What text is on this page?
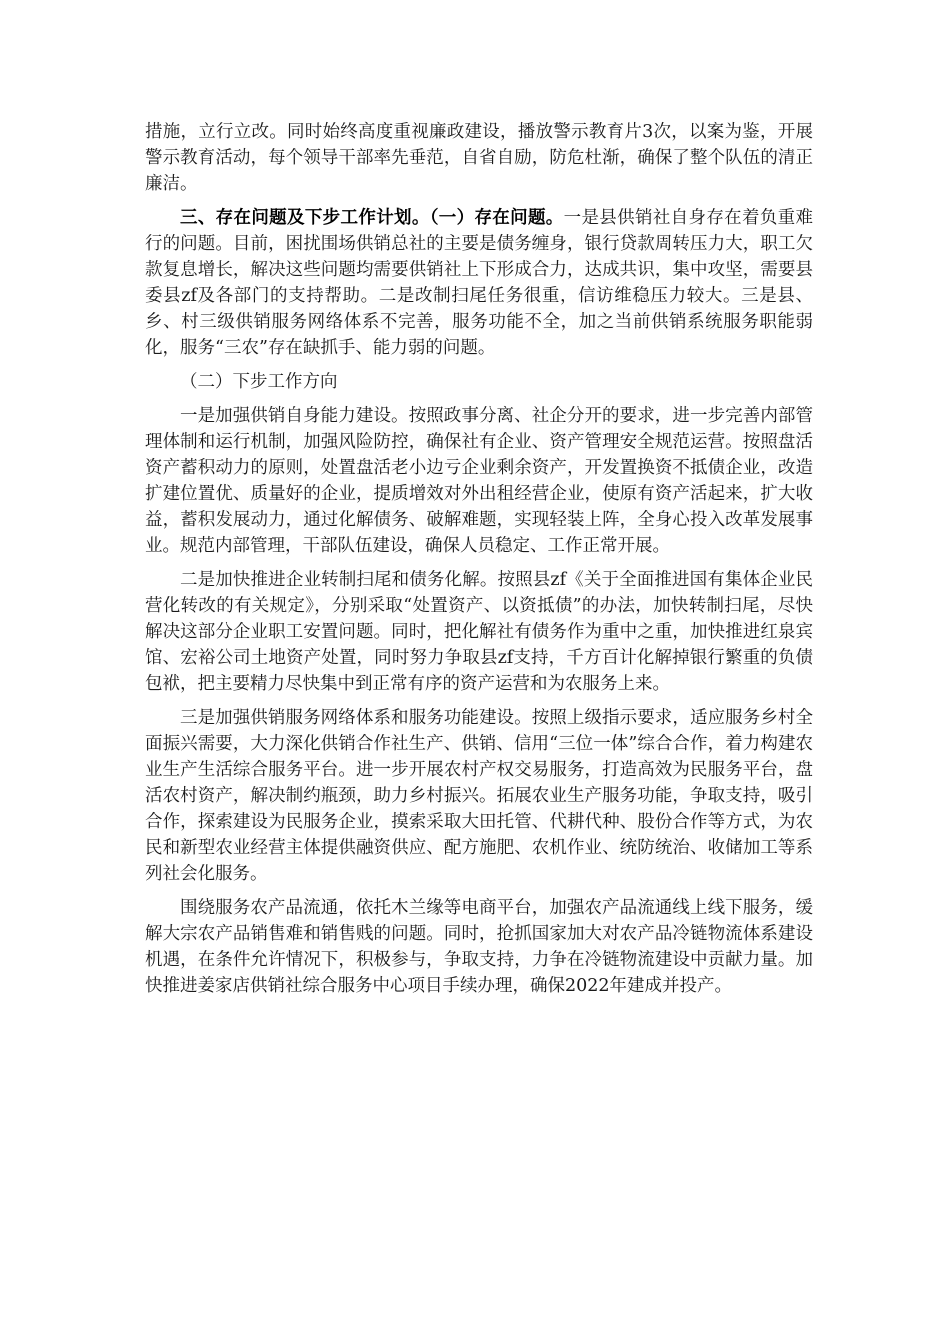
措施，立行立改。同时始终高度重视廉政建设，播放警示教育片3次，以案为鉴，开展警示教育活动，每个领导干部率先垂范，自省自励，防危杜渐，确保了整个队伍的清正廉洁。

三、存在问题及下步工作计划。（一）存在问题。一是县供销社自身存在着负重难行的问题。目前，困扰围场供销总社的主要是债务缠身，银行贷款周转压力大，职工欠款复息增长，解决这些问题均需要供销社上下形成合力，达成共识，集中攻坚，需要县委县zf及各部门的支持帮助。二是改制扫尾任务很重，信访维稳压力较大。三是县、乡、村三级供销服务网络体系不完善，服务功能不全，加之当前供销系统服务职能弱化，服务“三农”存在缺抓手、能力弱的问题。

（二）下步工作方向

一是加强供销自身能力建设。按照政事分离、社企分开的要求，进一步完善内部管理体制和运行机制，加强风险防控，确保社有企业、资产管理安全规范运营。按照盘活资产蓄积动力的原则，处置盘活老小边亏企业剩余资产，开发置换资不抵债企业，改造扩建位置优、质量好的企业，提质增效对外出租经营企业，使原有资产活起来，扩大收益，蓄积发展动力，通过化解债务、破解难题，实现轻装上阵，全身心投入改革发展事业。规范内部管理，干部队伍建设，确保人员稳定、工作正常开展。

二是加快推进企业转制扫尾和债务化解。按照县zf《关于全面推进国有集体企业民营化转改的有关规定》，分别采取“处置资产、以资抵债”的办法，加快转制扫尾，尽快解决这部分企业职工安置问题。同时，把化解社有债务作为重中之重，加快推进红泉宾馆、宏裕公司土地资产处置，同时努力争取县zf支持，千方百计化解掉银行繁重的负债包袱，把主要精力尽快集中到正常有序的资产运营和为农服务上来。

三是加强供销服务网络体系和服务功能建设。按照上级指示要求，适应服务乡村全面振兴需要，大力深化供销合作社生产、供销、信用“三位一体”综合合作，着力构建农业生产生活综合服务平台。进一步开展农村产权交易服务，打造高效为民服务平台，盘活农村资产，解决制约瓶颈，助力乡村振兴。拓展农业生产服务功能，争取支持，吸引合作，探索建设为民服务企业，摸索采取大田托管、代耕代种、股份合作等方式，为农民和新型农业经营主体提供融资供应、配方施肥、农机作业、统防统治、收储加工等系列社会化服务。

围绕服务农产品流通，依托木兰缘等电商平台，加强农产品流通线上线下服务，缓解大宗农产品销售难和销售贱的问题。同时，抢抓国家加大对农产品冷链物流体系建设机遇，在条件允许情况下，积极参与，争取支持，力争在冷链物流建设中贡献力量。加快推进姜家店供销社综合服务中心项目手续办理，确保2022年建成并投产。
